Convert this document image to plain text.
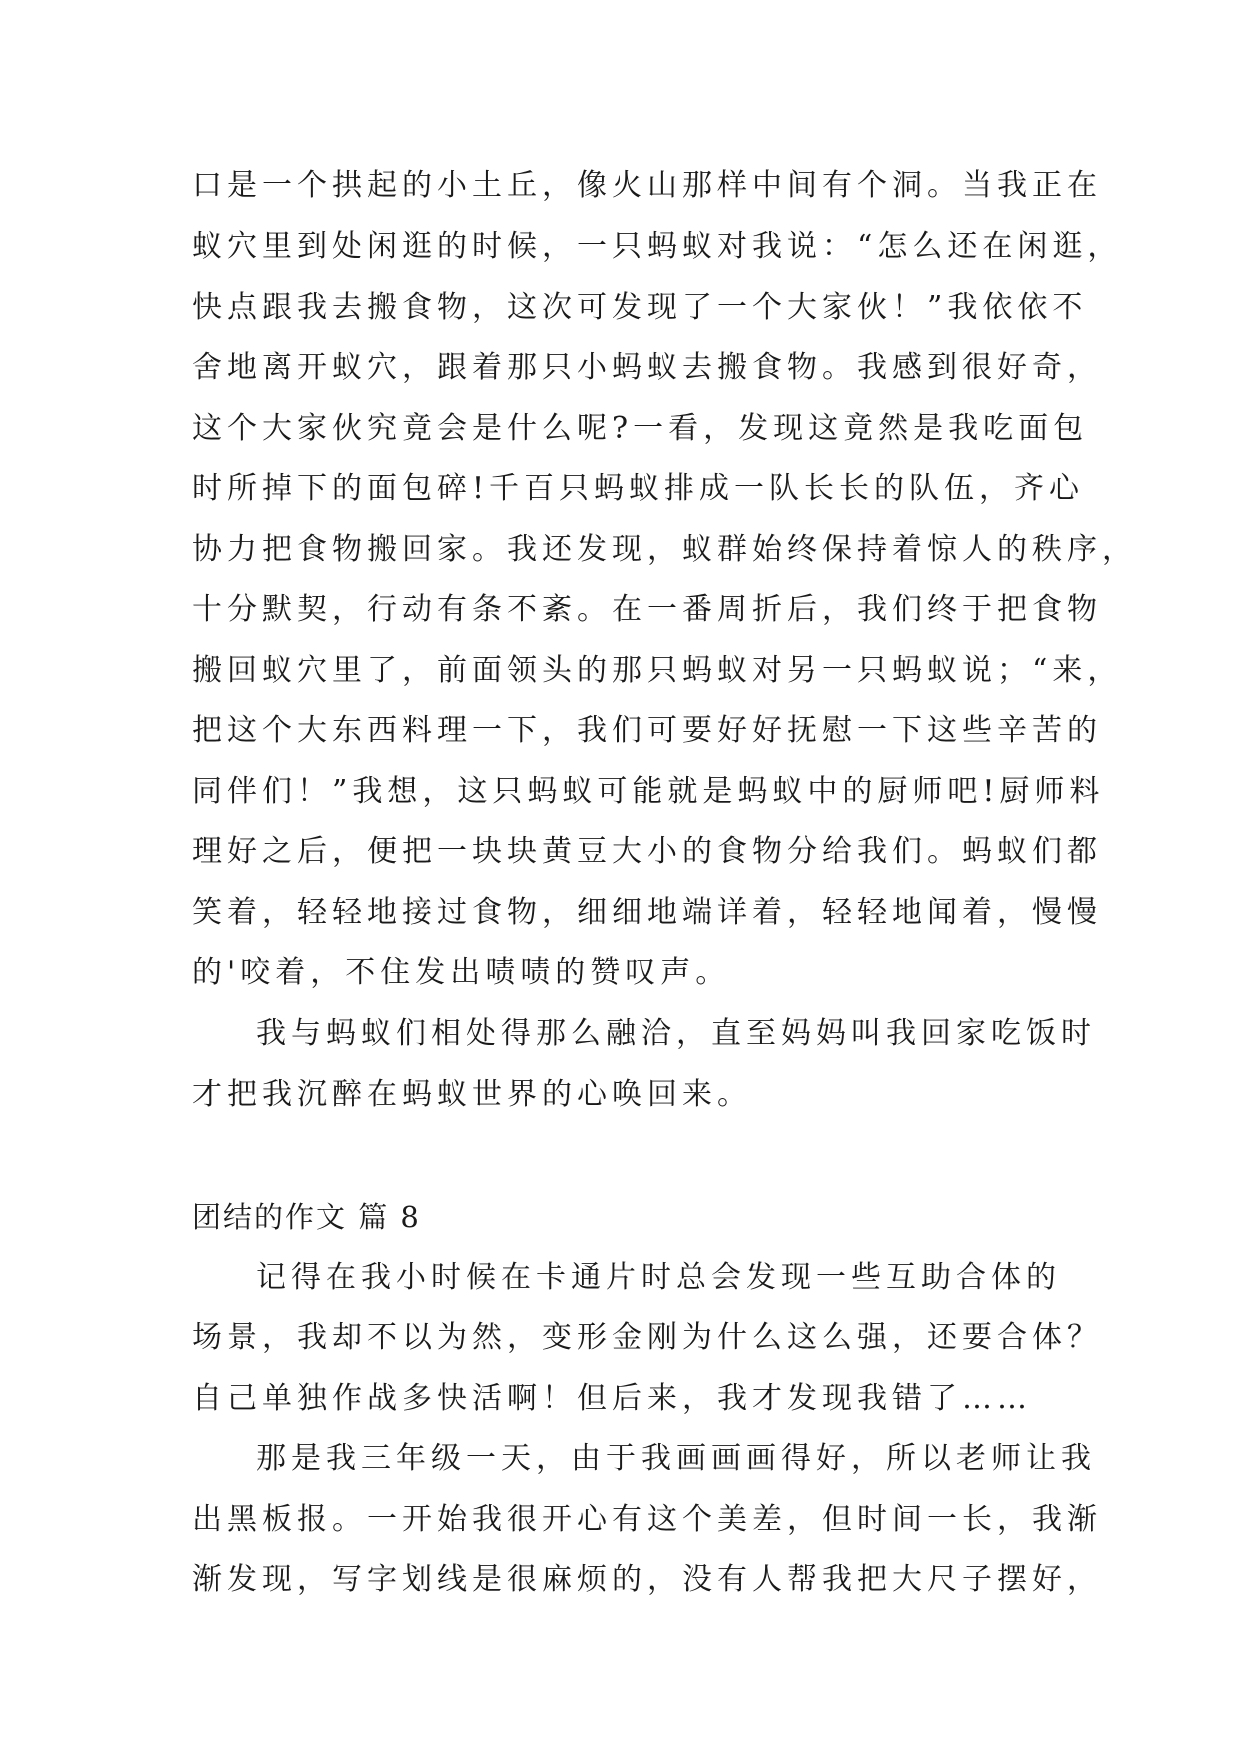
口是一个拱起的小土丘，像火山那样中间有个洞。当我正在
蚁穴里到处闲逛的时候，一只蚂蚁对我说：“怎么还在闲逛，
快点跟我去搬食物，这次可发现了一个大家伙！”我依依不
舍地离开蚁穴，跟着那只小蚂蚁去搬食物。我感到很好奇，
这个大家伙究竟会是什么呢?一看，发现这竟然是我吃面包
时所掉下的面包碎!千百只蚂蚁排成一队长长的队伍，齐心
协力把食物搬回家。我还发现，蚁群始终保持着惊人的秩序，
十分默契，行动有条不紊。在一番周折后，我们终于把食物
搬回蚁穴里了，前面领头的那只蚂蚁对另一只蚂蚁说；“来，
把这个大东西料理一下，我们可要好好抚慰一下这些辛苦的
同伴们！”我想，这只蚂蚁可能就是蚂蚁中的厨师吧!厨师料
理好之后，便把一块块黄豆大小的食物分给我们。蚂蚁们都
笑着，轻轻地接过食物，细细地端详着，轻轻地闻着，慢慢
的'咬着，不住发出啧啧的赞叹声。
我与蚂蚁们相处得那么融洽，直至妈妈叫我回家吃饭时
才把我沉醉在蚂蚁世界的心唤回来。
团结的作文 篇 8
记得在我小时候在卡通片时总会发现一些互助合体的
场景，我却不以为然，变形金刚为什么这么强，还要合体？
自己单独作战多快活啊！但后来，我才发现我错了……
那是我三年级一天，由于我画画画得好，所以老师让我
出黑板报。一开始我很开心有这个美差，但时间一长，我渐
渐发现，写字划线是很麻烦的，没有人帮我把大尺子摆好，
